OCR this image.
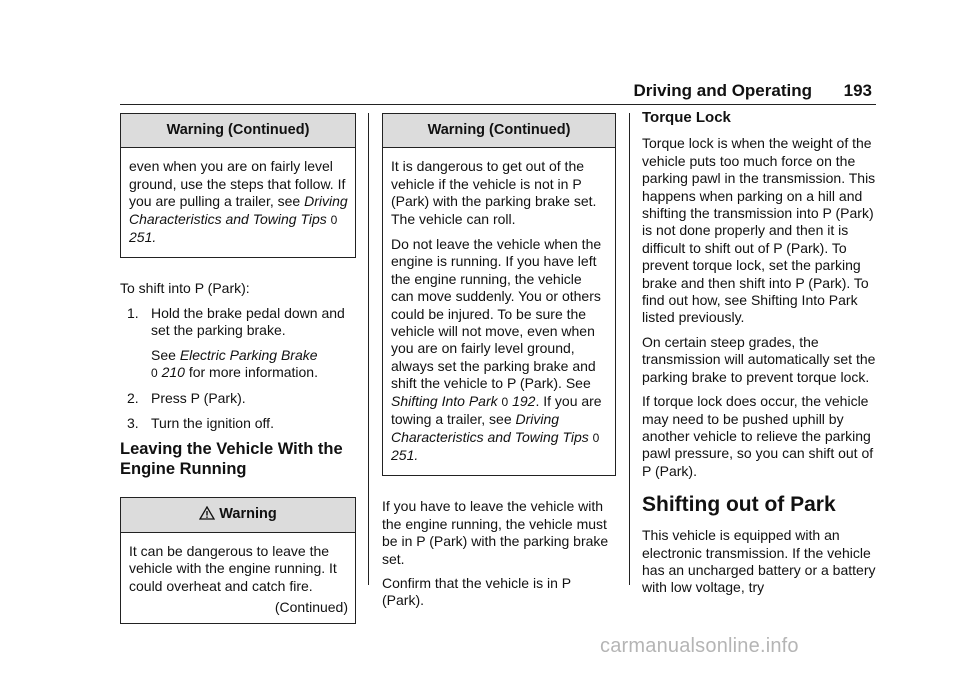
Driving and Operating 193
Warning (Continued)

even when you are on fairly level ground, use the steps that follow. If you are pulling a trailer, see Driving Characteristics and Towing Tips 0 251.

To shift into P (Park):

1. Hold the brake pedal down and set the parking brake.

See Electric Parking Brake
0 210 for more information.

2. Press P (Park).
3. Turn the ignition off.
Leaving the Vehicle With the Engine Running
Warning

It can be dangerous to leave the vehicle with the engine running. It could overheat and catch fire.

(Continued)
Warning (Continued)

It is dangerous to get out of the vehicle if the vehicle is not in P (Park) with the parking brake set. The vehicle can roll.

Do not leave the vehicle when the engine is running. If you have left the engine running, the vehicle can move suddenly. You or others could be injured. To be sure the vehicle will not move, even when you are on fairly level ground, always set the parking brake and shift the vehicle to P (Park). See Shifting Into Park 0 192. If you are towing a trailer, see Driving Characteristics and Towing Tips 0 251.

If you have to leave the vehicle with the engine running, the vehicle must be in P (Park) with the parking brake set.

Confirm that the vehicle is in P (Park).

Torque Lock

Torque lock is when the weight of the vehicle puts too much force on the parking pawl in the transmission. This happens when parking on a hill and shifting the transmission into P (Park) is not done properly and then it is difficult to shift out of P (Park). To prevent torque lock, set the parking brake and then shift into P (Park). To find out how, see Shifting Into Park listed previously.

On certain steep grades, the transmission will automatically set the parking brake to prevent torque lock.

If torque lock does occur, the vehicle may need to be pushed uphill by another vehicle to relieve the parking pawl pressure, so you can shift out of P (Park).

Shifting out of Park

This vehicle is equipped with an electronic transmission. If the vehicle has an uncharged battery or a battery with low voltage, try

carmanualsonline.info
